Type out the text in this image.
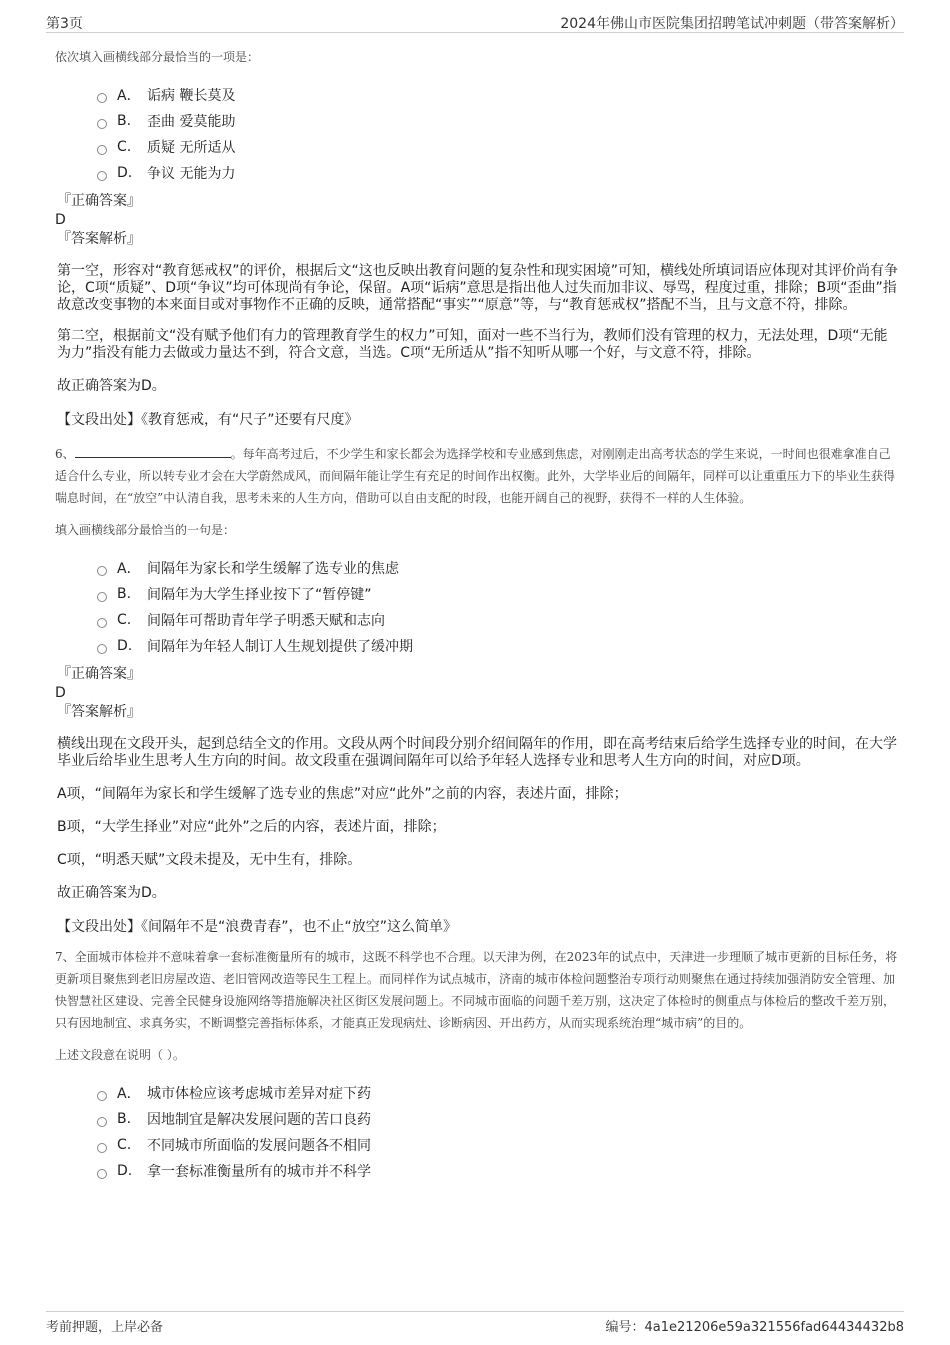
第3页	2024年佛山市医院集团招聘笔试冲刺题（带答案解析）
依次填入画横线部分最恰当的一项是：
A． 诟病 鞭长莫及
B.	歪曲 爱莫能助
C.	质疑 无所适从
D.	争议 无能为力
『正确答案』
D
『答案解析』
第一空，形容对“教育惩戒权”的评价，根据后文“这也反映出教育问题的复杂性和现实困境”可知，横线处所填词语应体现对其评价尚有争论，C项“质疑”、D项“争议”均可体现尚有争论，保留。A项“诟病”意思是指出他人过失而加非议、辱骂，程度过重，排除；B项“歪曲”指故意改变事物的本来面目或对事物作不正确的反映，通常搭配“事实”“原意”等，与“教育惩戒权”搭配不当，且与文意不符，排除。
第二空，根据前文“没有赋予他们有力的管理教育学生的权力”可知，面对一些不当行为，教师们没有管理的权力，无法处理，D项“无能为力”指没有能力去做或力量达不到，符合文意，当选。C项“无所适从”指不知听从哪一个好，与文意不符，排除。
故正确答案为D。
【文段出处】《教育惩戒，有“尺子”还要有尺度》
6、	。每年高考过后，不少学生和家长都会为选择学校和专业感到焦虑，对刚刚走出高考状态的学生来说，一时间也很难拿准自己适合什么专业，所以转专业才会在大学蔚然成风，而间隔年能让学生有充足的时间作出权衡。此外，大学毕业后的间隔年，同样可以让重重压力下的毕业生获得喘息时间，在“放空”中认清自我，思考未来的人生方向，借助可以自由支配的时段，也能开阔自己的视野，获得不一样的人生体验。
填入画横线部分最恰当的一句是：
A． 间隔年为家长和学生缓解了选专业的焦虑
B.	间隔年为大学生择业按下了“暂停键”
C.	间隔年可帮助青年学子明悉天赋和志向
D.	间隔年为年轻人制订人生规划提供了缓冲期
『正确答案』
D
『答案解析』
横线出现在文段开头，起到总结全文的作用。文段从两个时间段分别介绍间隔年的作用，即在高考结束后给学生选择专业的时间，在大学毕业后给毕业生思考人生方向的时间。故文段重在强调间隔年可以给予年轻人选择专业和思考人生方向的时间，对应D项。
A项，“间隔年为家长和学生缓解了选专业的焦虑”对应“此外”之前的内容，表述片面，排除；
B项，“大学生择业”对应“此外”之后的内容，表述片面，排除；
C项，“明悉天赋”文段未提及，无中生有，排除。
故正确答案为D。
【文段出处】《间隔年不是“浪费青春”，也不止“放空”这么简单》
7、全面城市体检并不意味着拿一套标准衡量所有的城市，这既不科学也不合理。以天津为例，在2023年的试点中，天津进一步理顺了城市更新的目标任务，将更新项目聚焦到老旧房屋改造、老旧管网改造等民生工程上。而同样作为试点城市，济南的城市体检问题整治专项行动则聚焦在通过持续加强消防安全管理、加快智慧社区建设、完善全民健身设施网络等措施解决社区街区发展问题上。不同城市面临的问题千差万别，这决定了体检时的侧重点与体检后的整改千差万别，只有因地制宜、求真务实，不断调整完善指标体系，才能真正发现病灶、诊断病因、开出药方，从而实现系统治理“城市病”的目的。
上述文段意在说明（ ）。
A． 城市体检应该考虑城市差异对症下药
B.	因地制宜是解决发展问题的苦口良药
C.	不同城市所面临的发展问题各不相同
D.	拿一套标准衡量所有的城市并不科学
考前押题，上岸必备	编号：4a1e21206e59a321556fad64434432b8
